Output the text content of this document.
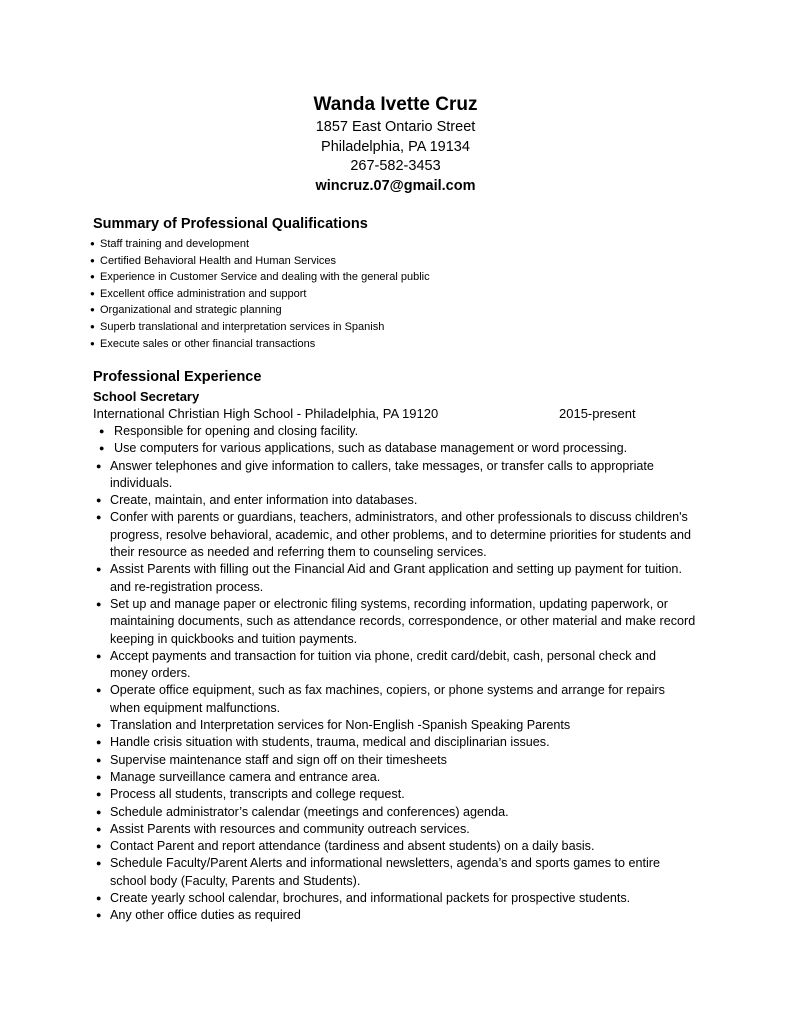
Wanda Ivette Cruz
1857 East Ontario Street
Philadelphia, PA 19134
267-582-3453
wincruz.07@gmail.com
Summary of Professional Qualifications
● Staff training and development
● Certified Behavioral Health and Human Services
● Experience in Customer Service and dealing with the general public
● Excellent office administration and support
● Organizational and strategic planning
● Superb translational and interpretation services in Spanish
● Execute sales or other financial transactions
Professional Experience
School Secretary
International Christian High School - Philadelphia, PA 19120	2015-present
● Responsible for opening and closing facility.
● Use computers for various applications, such as database management or word processing.
● Answer telephones and give information to callers, take messages, or transfer calls to appropriate individuals.
● Create, maintain, and enter information into databases.
● Confer with parents or guardians, teachers, administrators, and other professionals to discuss children's progress, resolve behavioral, academic, and other problems, and to determine priorities for students and their resource as needed and referring them to counseling services.
● Assist Parents with filling out the Financial Aid and Grant application and setting up payment for tuition. and re-registration process.
● Set up and manage paper or electronic filing systems, recording information, updating paperwork, or maintaining documents, such as attendance records, correspondence, or other material and make record keeping in quickbooks and tuition payments.
● Accept payments and transaction for tuition via phone, credit card/debit, cash, personal check and money orders.
● Operate office equipment, such as fax machines, copiers, or phone systems and arrange for repairs when equipment malfunctions.
● Translation and Interpretation services for Non-English -Spanish Speaking Parents
● Handle crisis situation with students, trauma, medical and disciplinarian issues.
● Supervise maintenance staff and sign off on their timesheets
● Manage surveillance camera and entrance area.
● Process all students, transcripts and college request.
● Schedule administrator’s calendar (meetings and conferences) agenda.
● Assist Parents with resources and community outreach services.
● Contact Parent and report attendance (tardiness and absent students) on a daily basis.
● Schedule Faculty/Parent Alerts and informational newsletters, agenda’s and sports games to entire school body (Faculty, Parents and Students).
● Create yearly school calendar, brochures, and informational packets for prospective students.
● Any other office duties as required
